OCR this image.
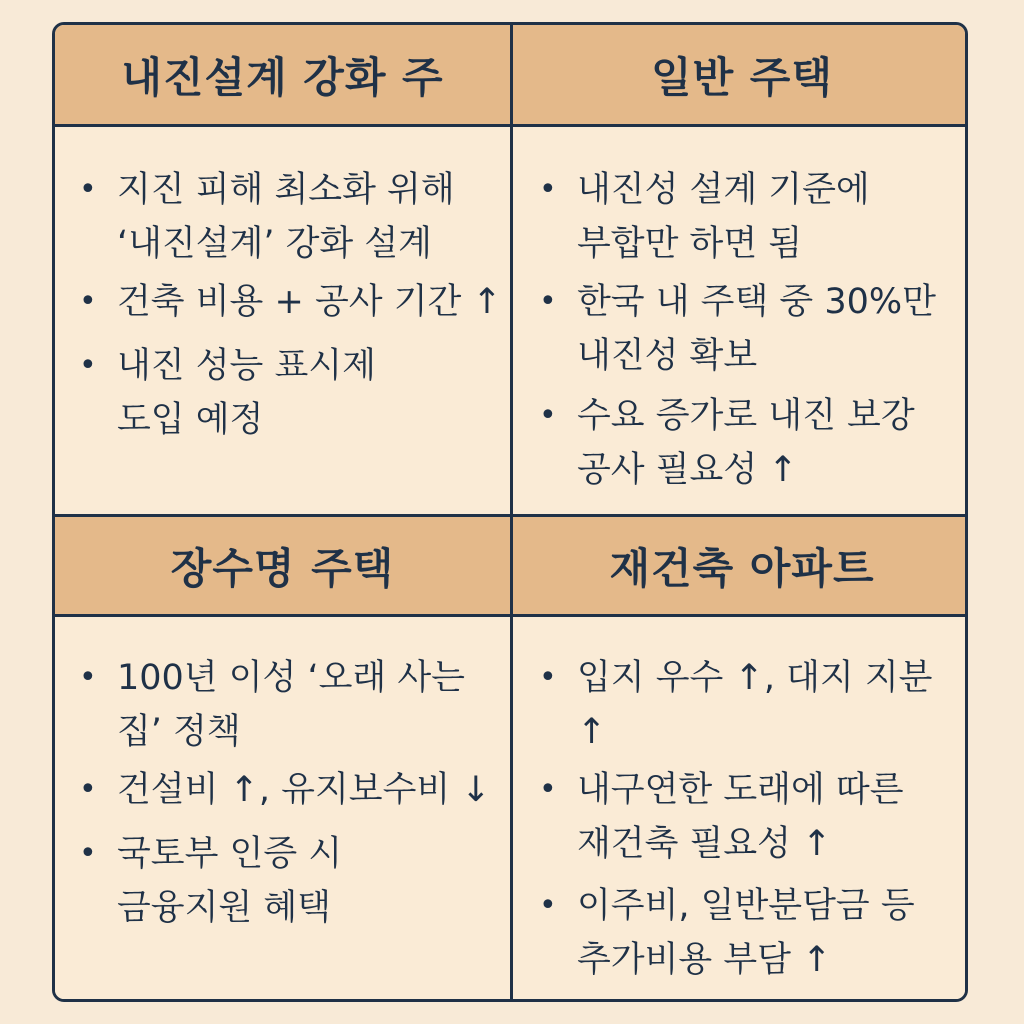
내진설계 강화 주	일반 주택
• 지진 피해 최소화 위해
‘내진설계’ 강화 설계
• 건축 비용 + 공사 기간 ↑
• 내진 성능 표시제
도입 예정
• 내진성 설계 기준에
부합만 하면 됨
• 한국 내 주택 중 30%만
내진성 확보
• 수요 증가로 내진 보강
공사 필요성 ↑
장수명 주택	재건축 아파트
• 100년 이성 ‘오래 사는
집’ 정책
• 건설비 ↑, 유지보수비 ↓
• 국토부 인증 시
금융지원 혜택
• 입지 우수 ↑, 대지 지분 ↑
• 내구연한 도래에 따른
재건축 필요성 ↑
• 이주비, 일반분담금 등
추가비용 부담 ↑
